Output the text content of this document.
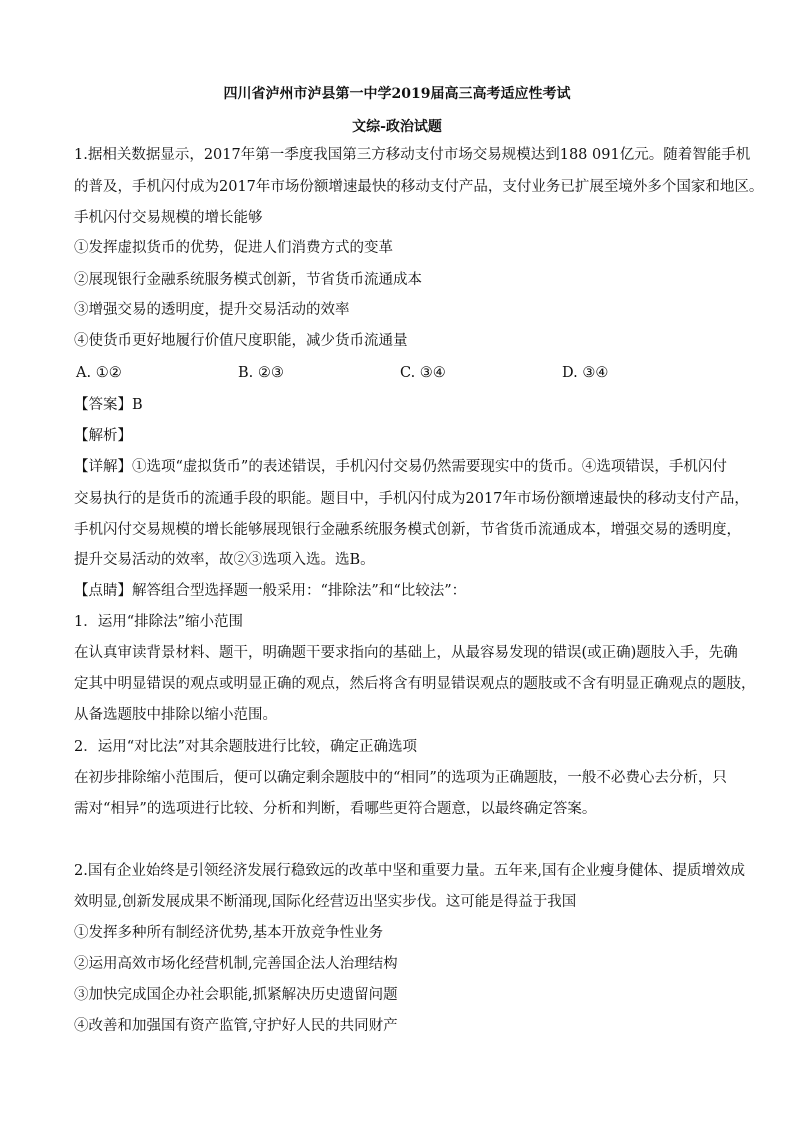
四川省泸州市泸县第一中学2019届高三高考适应性考试
文综-政治试题
1.据相关数据显示，2017年第一季度我国第三方移动支付市场交易规模达到188 091亿元。随着智能手机
的普及，手机闪付成为2017年市场份额增速最快的移动支付产品，支付业务已扩展至境外多个国家和地区。
手机闪付交易规模的增长能够
①发挥虚拟货币的优势，促进人们消费方式的变革
②展现银行金融系统服务模式创新，节省货币流通成本
③增强交易的透明度，提升交易活动的效率
④使货币更好地履行价值尺度职能，减少货币流通量
A. ①②	B. ②③	C. ③④	D. ③④
【答案】B
【解析】
【详解】①选项“虚拟货币”的表述错误，手机闪付交易仍然需要现实中的货币。④选项错误，手机闪付
交易执行的是货币的流通手段的职能。题目中，手机闪付成为2017年市场份额增速最快的移动支付产品，
手机闪付交易规模的增长能够展现银行金融系统服务模式创新，节省货币流通成本，增强交易的透明度，
提升交易活动的效率，故②③选项入选。选B。
【点睛】解答组合型选择题一般采用：“排除法”和“比较法”：
1．运用“排除法”缩小范围
在认真审读背景材料、题干，明确题干要求指向的基础上，从最容易发现的错误(或正确)题肢入手，先确
定其中明显错误的观点或明显正确的观点，然后将含有明显错误观点的题肢或不含有明显正确观点的题肢，
从备选题肢中排除以缩小范围。
2．运用“对比法”对其余题肢进行比较，确定正确选项
在初步排除缩小范围后，便可以确定剩余题肢中的“相同”的选项为正确题肢，一般不必费心去分析，只
需对“相异”的选项进行比较、分析和判断，看哪些更符合题意，以最终确定答案。
2.国有企业始终是引领经济发展行稳致远的改革中坚和重要力量。五年来,国有企业瘦身健体、提质增效成
效明显,创新发展成果不断涌现,国际化经营迈出坚实步伐。这可能是得益于我国
①发挥多种所有制经济优势,基本开放竞争性业务
②运用高效市场化经营机制,完善国企法人治理结构
③加快完成国企办社会职能,抓紧解决历史遗留问题
④改善和加强国有资产监管,守护好人民的共同财产
